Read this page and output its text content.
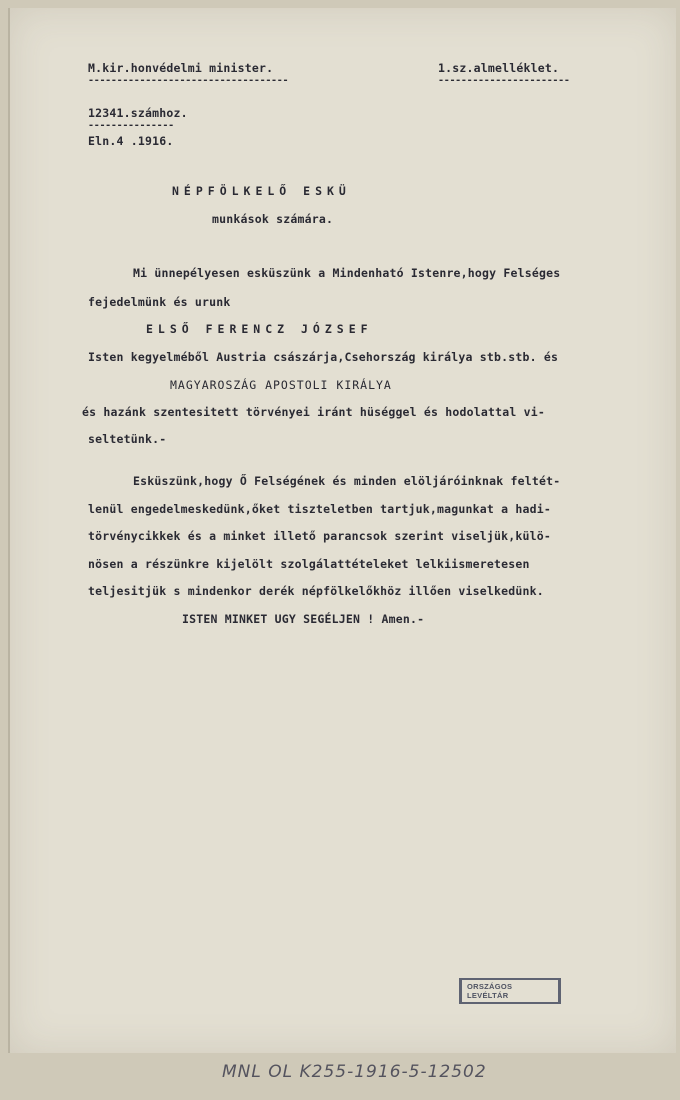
M.kir.honvédelmi minister.
-----------------------------------
1.sz.almelléklet.
-----------------------
12341.számhoz.
---------------
Eln.4 .1916.
NÉPFÖLKELŐ ESKÜ
munkások számára.
Mi ünnepélyesen esküszünk a Mindenható Istenre,hogy Felséges
fejedelmünk és urunk
ELSŐ FERENCZ JÓZSEF
Isten kegyelméből Austria császárja,Csehország királya stb.stb. és
MAGYAROSZÁG APOSTOLI KIRÁLYA
és hazánk szentesitett törvényei iránt hüséggel és hodolattal vi-
seltetünk.-
Esküszünk,hogy Ő Felségének és minden elöljáróinknak feltét-
lenül engedelmeskedünk,őket tiszteletben tartjuk,magunkat a hadi-
törvénycikkek és a minket illető parancsok szerint viseljük,külö-
nösen a részünkre kijelölt szolgálattételeket lelkiismeretesen
teljesitjük s mindenkor derék népfölkelőkhöz illően viselkedünk.
ISTEN MINKET UGY SEGÉLJEN ! Amen.-
ORSZÁGOS LEVÉLTÁR
MNL OL K255-1916-5-12502
